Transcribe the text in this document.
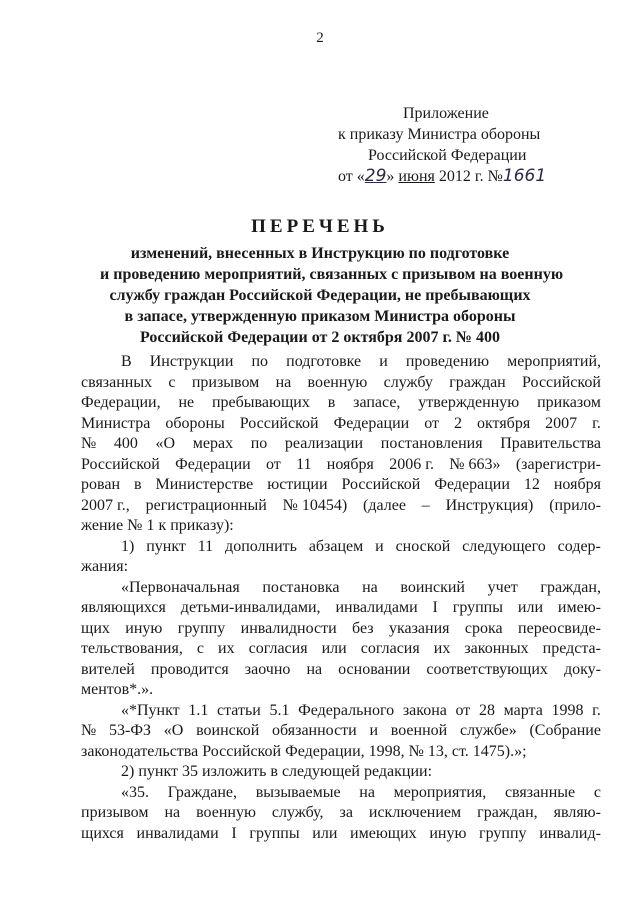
2
Приложение
к приказу Министра обороны
Российской Федерации
от «29» июня 2012 г. №1661
ПЕРЕЧЕНЬ
изменений, внесенных в Инструкцию по подготовке
и проведению мероприятий, связанных с призывом на военную
службу граждан Российской Федерации, не пребывающих
в запасе, утвержденную приказом Министра обороны
Российской Федерации от 2 октября 2007 г. № 400
В Инструкции по подготовке и проведению мероприятий,
связанных с призывом на военную службу граждан Российской
Федерации, не пребывающих в запасе, утвержденную приказом
Министра обороны Российской Федерации от 2 октября 2007 г.
№ 400 «О мерах по реализации постановления Правительства
Российской Федерации от 11 ноября 2006 г. № 663» (зарегистри-
рован в Министерстве юстиции Российской Федерации 12 ноября
2007 г., регистрационный № 10454) (далее – Инструкция) (прило-
жение № 1 к приказу):
1) пункт 11 дополнить абзацем и сноской следующего содер-
жания:
«Первоначальная постановка на воинский учет граждан,
являющихся детьми-инвалидами, инвалидами I группы или имею-
щих иную группу инвалидности без указания срока переосвиде-
тельствования, с их согласия или согласия их законных предста-
вителей проводится заочно на основании соответствующих доку-
ментов*.».
«*Пункт 1.1 статьи 5.1 Федерального закона от 28 марта 1998 г.
№ 53-ФЗ «О воинской обязанности и военной службе» (Собрание
законодательства Российской Федерации, 1998, № 13, ст. 1475).»;
2) пункт 35 изложить в следующей редакции:
«35. Граждане, вызываемые на мероприятия, связанные с
призывом на военную службу, за исключением граждан, являю-
щихся инвалидами I группы или имеющих иную группу инвалид-
